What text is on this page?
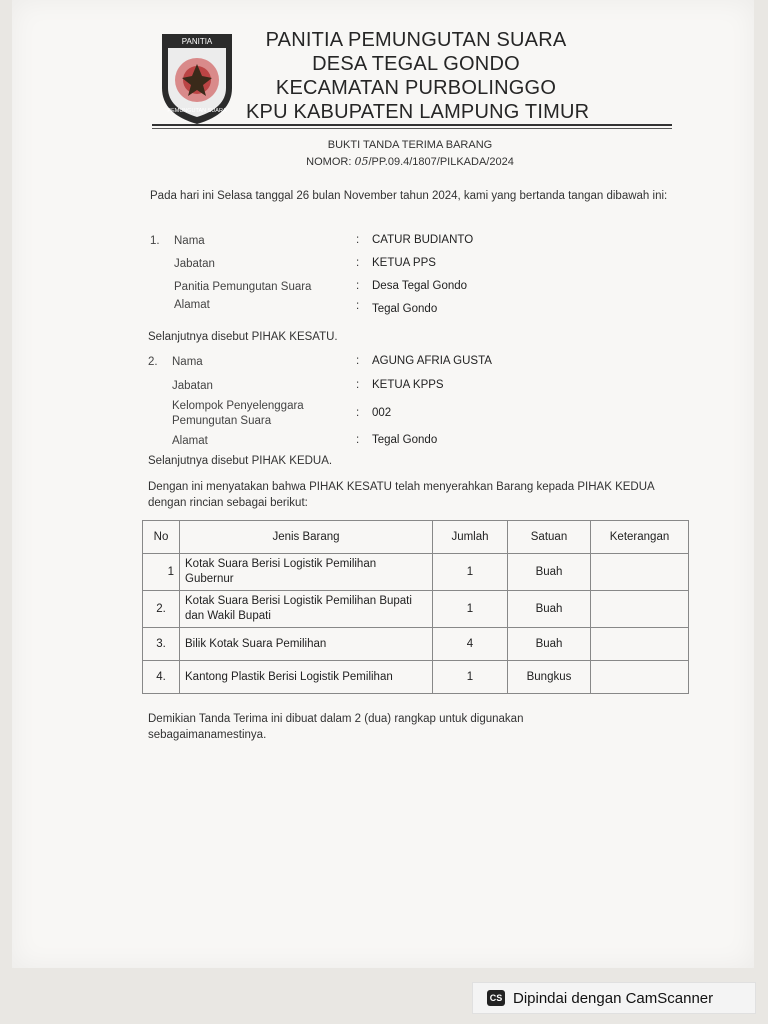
PANITIA
PEMUNGUTAN SUARA
PANITIA PEMUNGUTAN SUARA
DESA TEGAL GONDO
KECAMATAN PURBOLINGGO
KPU KABUPATEN LAMPUNG TIMUR
BUKTI TANDA TERIMA BARANG
NOMOR: 05/PP.09.4/1807/PILKADA/2024
Pada hari ini Selasa tanggal 26 bulan November tahun 2024, kami yang bertanda tangan dibawah ini:
1. Nama	: CATUR BUDIANTO
Jabatan	: KETUA PPS
Panitia Pemungutan Suara	: Desa Tegal Gondo
Alamat	: Tegal Gondo
Selanjutnya disebut PIHAK KESATU.
2. Nama	: AGUNG AFRIA GUSTA
Jabatan	: KETUA KPPS
Kelompok Penyelenggara
Pemungutan Suara
: 002
Alamat	: Tegal Gondo
Selanjutnya disebut PIHAK KEDUA.
Dengan ini menyatakan bahwa PIHAK KESATU telah menyerahkan Barang kepada PIHAK KEDUA dengan rincian sebagai berikut:
No	Jenis Barang	Jumlah	Satuan	Keterangan
1	Kotak Suara Berisi Logistik Pemilihan Gubernur	1	Buah	
2.	Kotak Suara Berisi Logistik Pemilihan Bupati dan Wakil Bupati	1	Buah	
3.	Bilik Kotak Suara Pemilihan	4	Buah	
4.	Kantong Plastik Berisi Logistik Pemilihan	1	Bungkus	
Demikian Tanda Terima ini dibuat dalam 2 (dua) rangkap untuk digunakan sebagaimanamestinya.
CS Dipindai dengan CamScanner
